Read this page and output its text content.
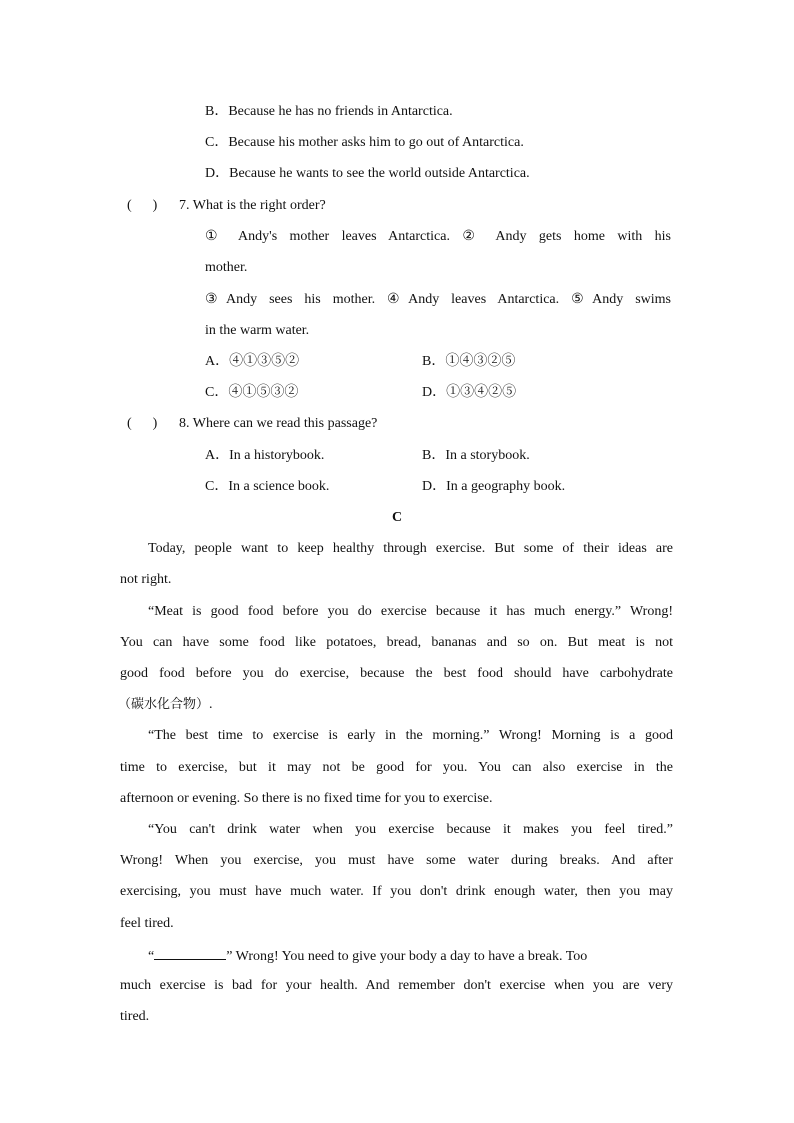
B．Because he has no friends in Antarctica.
C．Because his mother asks him to go out of Antarctica.
D．Because he wants to see the world outside Antarctica.
(      ) 7. What is the right order?
① Andy's mother leaves Antarctica. ② Andy gets home with his
mother.
③Andy sees his mother. ④Andy leaves Antarctica. ⑤Andy swims
in the warm water.
A．④①③⑤②	B．①④③②⑤
C．④①⑤③②	D．①③④②⑤
(      ) 8. Where can we read this passage?
A．In a historybook.	B．In a storybook.
C．In a science book.	D．In a geography book.
C
Today, people want to keep healthy through exercise. But some of their ideas are
not right.
“Meat is good food before you do exercise because it has much energy.” Wrong!
You can have some food like potatoes, bread, bananas and so on. But meat is not
good food before you do exercise, because the best food should have carbohydrate
（碳水化合物）.
“The best time to exercise is early in the morning.” Wrong! Morning is a good
time to exercise, but it may not be good for you. You can also exercise in the
afternoon or evening. So there is no fixed time for you to exercise.
“You can't drink water when you exercise because it makes you feel tired.”
Wrong! When you exercise, you must have some water during breaks. And after
exercising, you must have much water. If you don't drink enough water, then you may
feel tired.
“	” Wrong! You need to give your body a day to have a break. Too
much exercise is bad for your health. And remember don't exercise when you are very
tired.
